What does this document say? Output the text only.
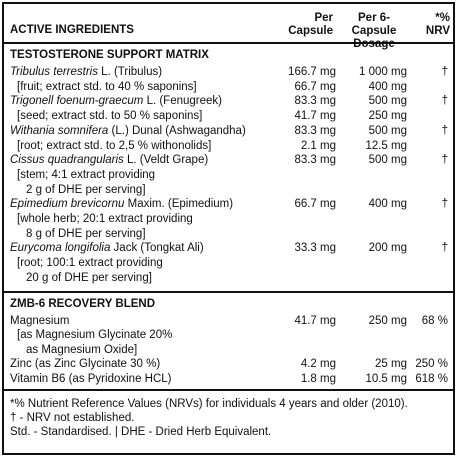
ACTIVE INGREDIENTS
Per
Capsule
Per 6-Capsule
Dosage
*% NRV
TESTOSTERONE SUPPORT MATRIX
Tribulus terrestris L. (Tribulus)	166.7 mg	1 000 mg	†
[fruit; extract std. to 40 % saponins]	66.7 mg	400 mg
Trigonell foenum-graecum L. (Fenugreek)	83.3 mg	500 mg	†
[seed; extract std. to 50 % saponins]	41.7 mg	250 mg
Withania somnifera (L.) Dunal (Ashwagandha)	83.3 mg	500 mg	†
[root; extract std. to 2,5 % withonolids]	2.1 mg	12.5 mg
Cissus quadrangularis L. (Veldt Grape)	83.3 mg	500 mg	†
[stem; 4:1 extract providing
2 g of DHE per serving]
Epimedium brevicornu Maxim. (Epimedium)	66.7 mg	400 mg	†
[whole herb; 20:1 extract providing
8 g of DHE per serving]
Eurycoma longifolia Jack (Tongkat Ali)	33.3 mg	200 mg	†
[root; 100:1 extract providing
20 g of DHE per serving]
ZMB-6 RECOVERY BLEND
Magnesium	41.7 mg	250 mg	68 %
[as Magnesium Glycinate 20%
as Magnesium Oxide]
Zinc (as Zinc Glycinate 30 %)	4.2 mg	25 mg 250 %
Vitamin B6 (as Pyridoxine HCL)	1.8 mg	10.5 mg 618 %
*% Nutrient Reference Values (NRVs) for individuals 4 years and older (2010).
† - NRV not established.
Std. - Standardised. | DHE - Dried Herb Equivalent.
